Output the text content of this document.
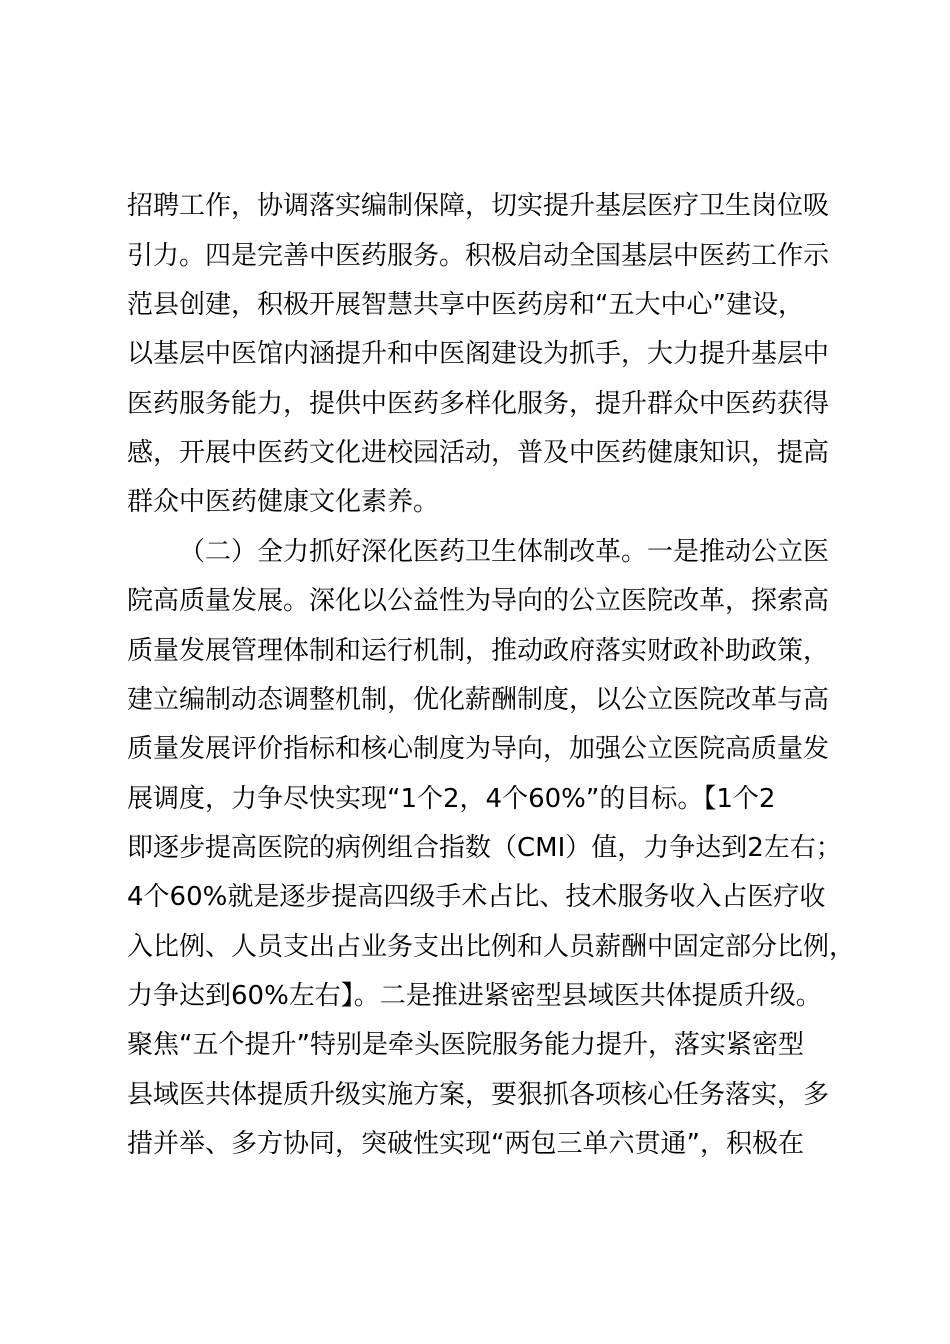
招聘工作，协调落实编制保障，切实提升基层医疗卫生岗位吸
引力。四是完善中医药服务。积极启动全国基层中医药工作示
范县创建，积极开展智慧共享中医药房和“五大中心”建设，
以基层中医馆内涵提升和中医阁建设为抓手，大力提升基层中
医药服务能力，提供中医药多样化服务，提升群众中医药获得
感，开展中医药文化进校园活动，普及中医药健康知识，提高
群众中医药健康文化素养。
（二）全力抓好深化医药卫生体制改革。一是推动公立医
院高质量发展。深化以公益性为导向的公立医院改革，探索高
质量发展管理体制和运行机制，推动政府落实财政补助政策，
建立编制动态调整机制，优化薪酬制度，以公立医院改革与高
质量发展评价指标和核心制度为导向，加强公立医院高质量发
展调度，力争尽快实现“1个2，4个60%”的目标。【1个2
即逐步提高医院的病例组合指数（CMI）值，力争达到2左右；
4个60%就是逐步提高四级手术占比、技术服务收入占医疗收
入比例、人员支出占业务支出比例和人员薪酬中固定部分比例，
力争达到60%左右】。二是推进紧密型县域医共体提质升级。
聚焦“五个提升”特别是牵头医院服务能力提升，落实紧密型
县域医共体提质升级实施方案，要狠抓各项核心任务落实，多
措并举、多方协同，突破性实现“两包三单六贯通”，积极在
